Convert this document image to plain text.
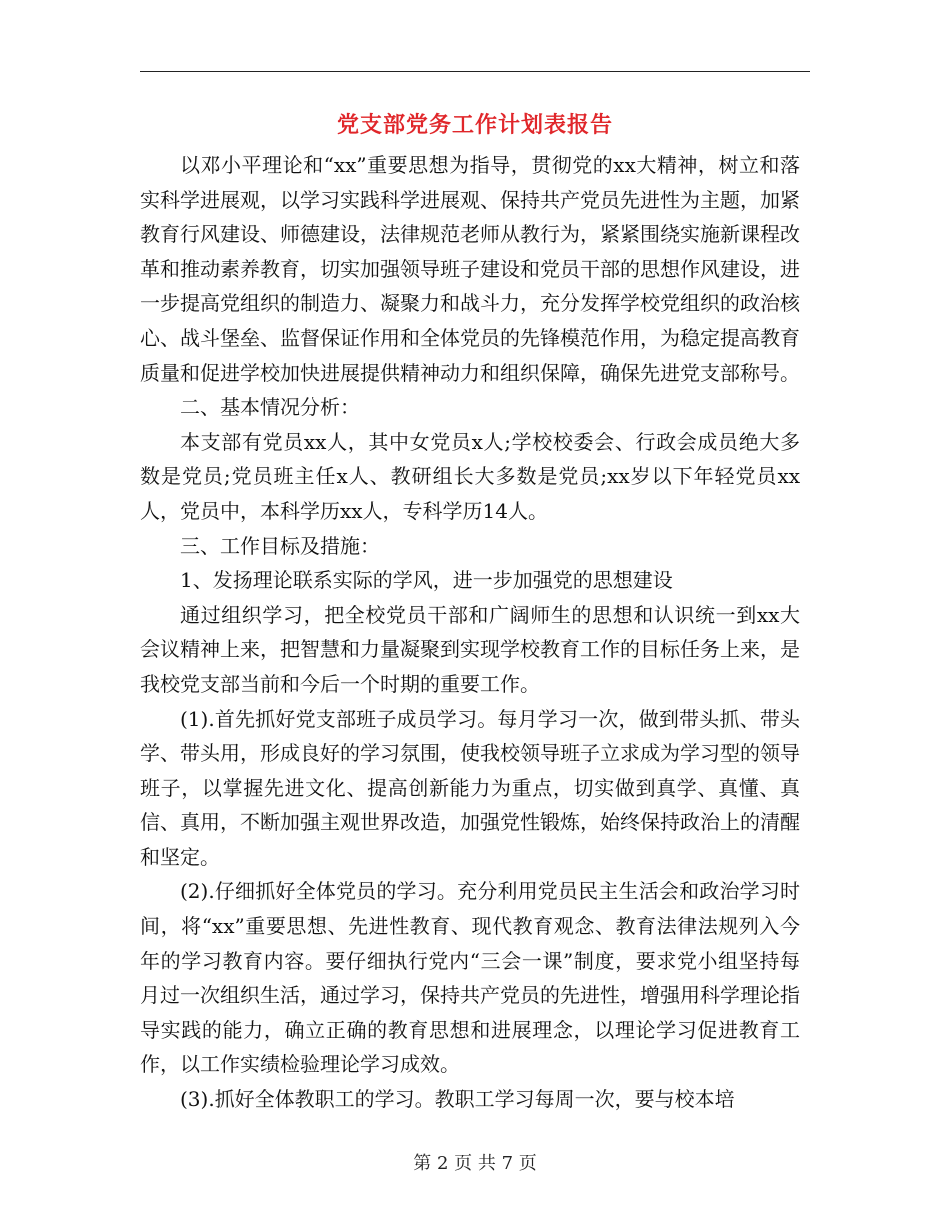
党支部党务工作计划表报告

以邓小平理论和“xx”重要思想为指导，贯彻党的xx大精神，树立和落实科学进展观，以学习实践科学进展观、保持共产党员先进性为主题，加紧教育行风建设、师德建设，法律规范老师从教行为，紧紧围绕实施新课程改革和推动素养教育，切实加强领导班子建设和党员干部的思想作风建设，进一步提高党组织的制造力、凝聚力和战斗力，充分发挥学校党组织的政治核心、战斗堡垒、监督保证作用和全体党员的先锋模范作用，为稳定提高教育质量和促进学校加快进展提供精神动力和组织保障，确保先进党支部称号。

二、基本情况分析：

本支部有党员xx人，其中女党员x人;学校校委会、行政会成员绝大多数是党员;党员班主任x人、教研组长大多数是党员;xx岁以下年轻党员xx人，党员中，本科学历xx人，专科学历14人。

三、工作目标及措施：

1、发扬理论联系实际的学风，进一步加强党的思想建设

通过组织学习，把全校党员干部和广阔师生的思想和认识统一到xx大会议精神上来，把智慧和力量凝聚到实现学校教育工作的目标任务上来，是我校党支部当前和今后一个时期的重要工作。

(1).首先抓好党支部班子成员学习。每月学习一次，做到带头抓、带头学、带头用，形成良好的学习氛围，使我校领导班子立求成为学习型的领导班子，以掌握先进文化、提高创新能力为重点，切实做到真学、真懂、真信、真用，不断加强主观世界改造，加强党性锻炼，始终保持政治上的清醒和坚定。

(2).仔细抓好全体党员的学习。充分利用党员民主生活会和政治学习时间，将“xx”重要思想、先进性教育、现代教育观念、教育法律法规列入今年的学习教育内容。要仔细执行党内“三会一课”制度，要求党小组坚持每月过一次组织生活，通过学习，保持共产党员的先进性，增强用科学理论指导实践的能力，确立正确的教育思想和进展理念，以理论学习促进教育工作，以工作实绩检验理论学习成效。

(3).抓好全体教职工的学习。教职工学习每周一次，要与校本培

第 2 页 共 7 页
